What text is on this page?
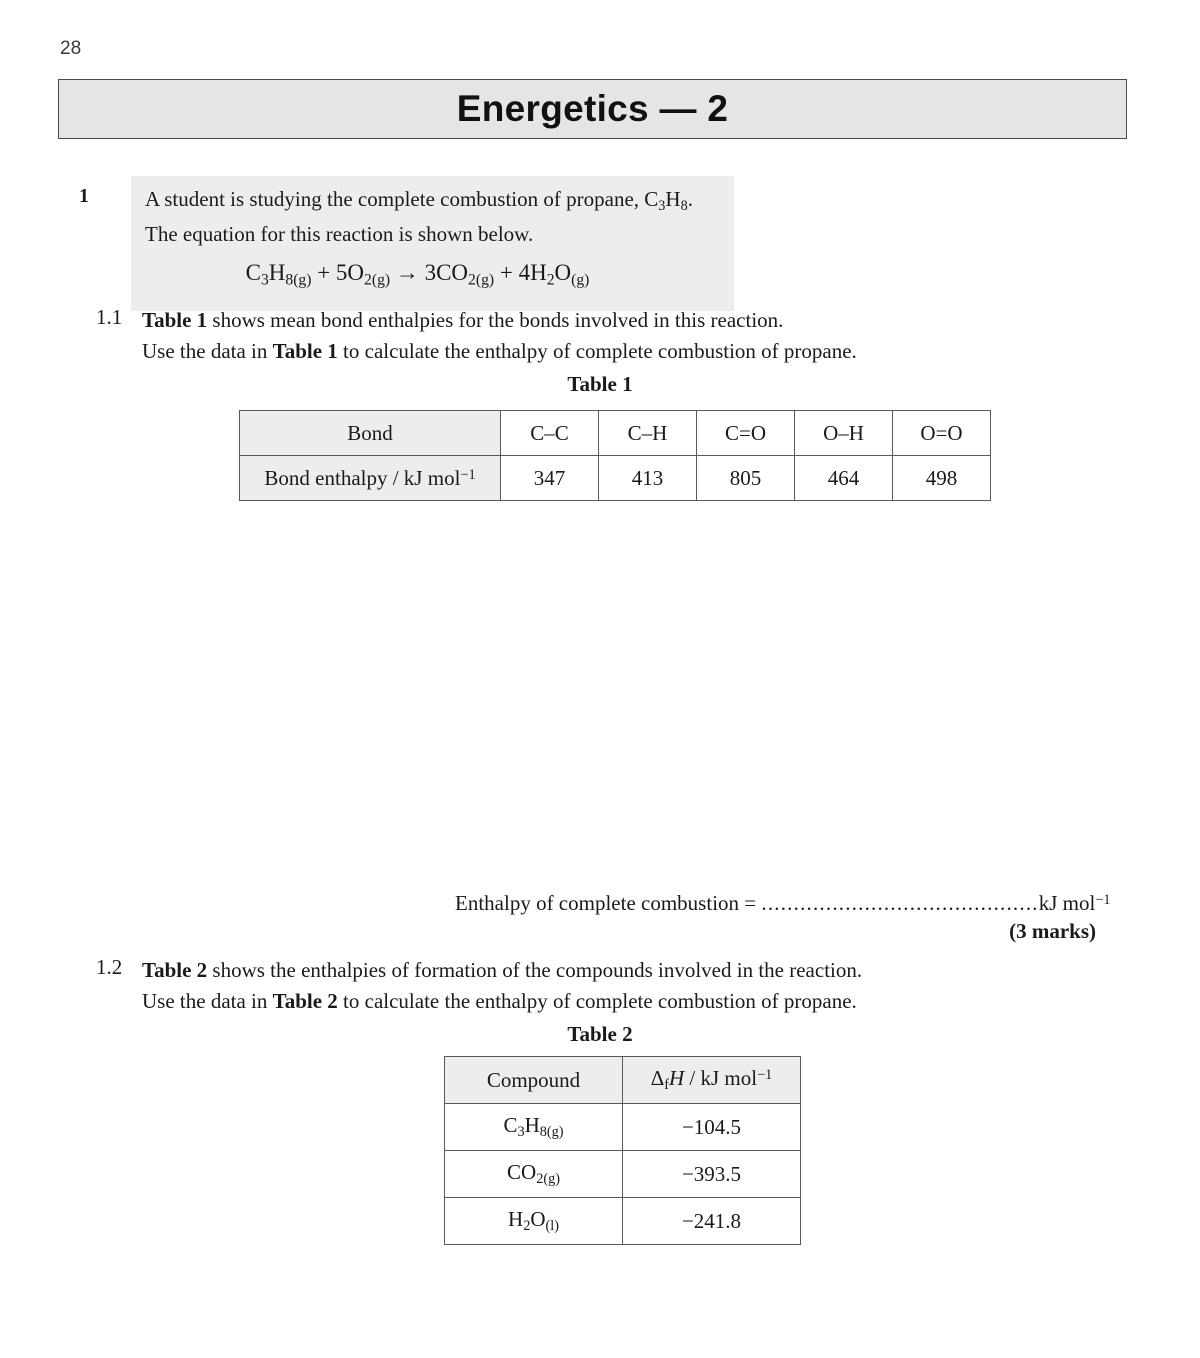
28
Energetics — 2
1	A student is studying the complete combustion of propane, $C_3H_8$.
The equation for this reaction is shown below.
$C_3H_{8(g)} + 5O_{2(g)} \to 3CO_{2(g)} + 4H_2O_{(g)}$
1.1 Table 1 shows mean bond enthalpies for the bonds involved in this reaction.
Use the data in Table 1 to calculate the enthalpy of complete combustion of propane.
Table 1
Bond	C–C	C–H	C=O	O–H	O=O
Bond enthalpy / kJ mol$^{-1}$	347	413	805	464	498
Enthalpy of complete combustion = ...........................................kJ mol$^{-1}$
(3 marks)
1.2 Table 2 shows the enthalpies of formation of the compounds involved in the reaction.
Use the data in Table 2 to calculate the enthalpy of complete combustion of propane.
Table 2
Compound	$\Delta_fH$ / kJ mol$^{-1}$
$C_3H_{8(g)}$	−104.5
$CO_{2(g)}$	−393.5
$H_2O_{(l)}$	−241.8
